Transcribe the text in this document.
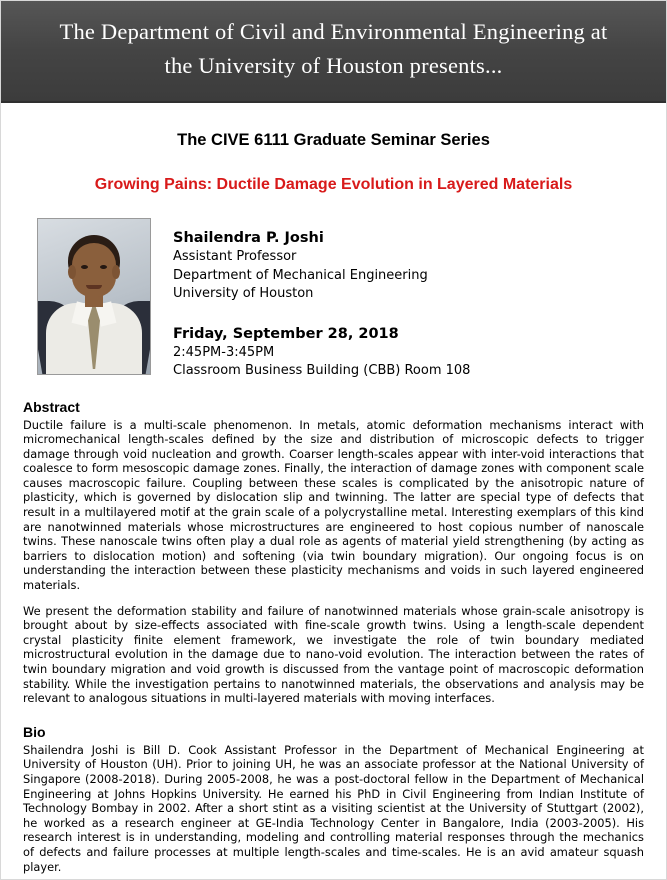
The Department of Civil and Environmental Engineering at
the University of Houston presents...
The CIVE 6111 Graduate Seminar Series
Growing Pains: Ductile Damage Evolution in Layered Materials
Shailendra P. Joshi
Assistant Professor
Department of Mechanical Engineering
University of Houston
Friday, September 28, 2018
2:45PM-3:45PM
Classroom Business Building (CBB) Room 108
Abstract

Ductile failure is a multi-scale phenomenon. In metals, atomic deformation mechanisms interact with micromechanical length-scales defined by the size and distribution of microscopic defects to trigger damage through void nucleation and growth. Coarser length-scales appear with inter-void interactions that coalesce to form mesoscopic damage zones. Finally, the interaction of damage zones with component scale causes macroscopic failure. Coupling between these scales is complicated by the anisotropic nature of plasticity, which is governed by dislocation slip and twinning. The latter are special type of defects that result in a multilayered motif at the grain scale of a polycrystalline metal. Interesting exemplars of this kind are nanotwinned materials whose microstructures are engineered to host copious number of nanoscale twins. These nanoscale twins often play a dual role as agents of material yield strengthening (by acting as barriers to dislocation motion) and softening (via twin boundary migration). Our ongoing focus is on understanding the interaction between these plasticity mechanisms and voids in such layered engineered materials.

We present the deformation stability and failure of nanotwinned materials whose grain-scale anisotropy is brought about by size-effects associated with fine-scale growth twins. Using a length-scale dependent crystal plasticity finite element framework, we investigate the role of twin boundary mediated microstructural evolution in the damage due to nano-void evolution. The interaction between the rates of twin boundary migration and void growth is discussed from the vantage point of macroscopic deformation stability. While the investigation pertains to nanotwinned materials, the observations and analysis may be relevant to analogous situations in multi-layered materials with moving interfaces.

Bio

Shailendra Joshi is Bill D. Cook Assistant Professor in the Department of Mechanical Engineering at University of Houston (UH). Prior to joining UH, he was an associate professor at the National University of Singapore (2008-2018). During 2005-2008, he was a post-doctoral fellow in the Department of Mechanical Engineering at Johns Hopkins University. He earned his PhD in Civil Engineering from Indian Institute of Technology Bombay in 2002. After a short stint as a visiting scientist at the University of Stuttgart (2002), he worked as a research engineer at GE-India Technology Center in Bangalore, India (2003-2005). His research interest is in understanding, modeling and controlling material responses through the mechanics of defects and failure processes at multiple length-scales and time-scales. He is an avid amateur squash player.
